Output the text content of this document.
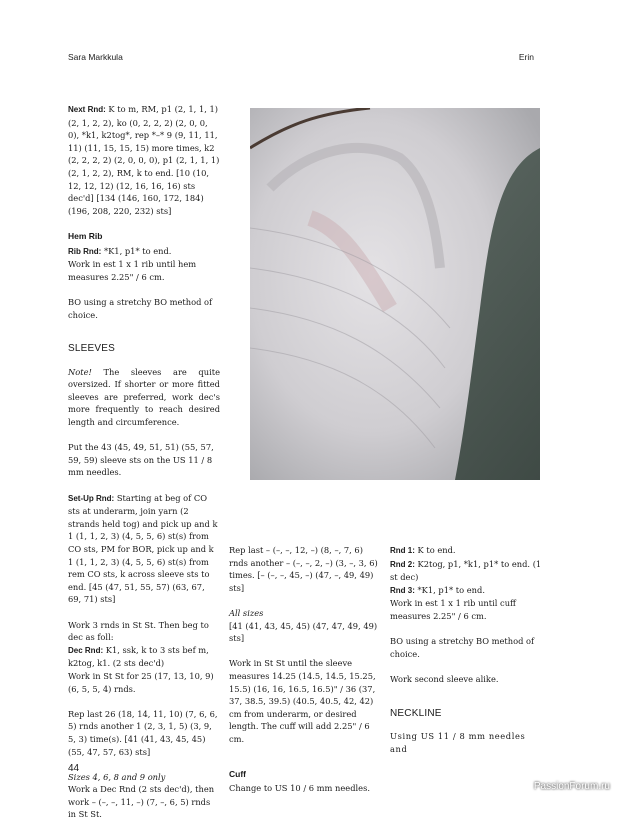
Sara Markkula	Erin

Next Rnd: K to m, RM, p1 (2, 1, 1, 1) (2, 1, 2, 2), ko (0, 2, 2, 2) (2, 0, 0, 0), *k1, k2tog*, rep *–* 9 (9, 11, 11, 11) (11, 15, 15, 15) more times, k2 (2, 2, 2, 2) (2, 0, 0, 0), p1 (2, 1, 1, 1) (2, 1, 2, 2), RM, k to end. [10 (10, 12, 12, 12) (12, 16, 16, 16) sts dec'd] [134 (146, 160, 172, 184) (196, 208, 220, 232) sts]

Hem Rib
Rib Rnd: *K1, p1* to end.

Work in est 1 x 1 rib until hem measures 2.25" / 6 cm.

BO using a stretchy BO method of choice.

SLEEVES

Note! The sleeves are quite oversized. If shorter or more fitted sleeves are preferred, work dec's more frequently to reach desired length and circumference.

Put the 43 (45, 49, 51, 51) (55, 57, 59, 59) sleeve sts on the US 11 / 8 mm needles.

Set-Up Rnd: Starting at beg of CO sts at underarm, join yarn (2 strands held tog) and pick up and k 1 (1, 1, 2, 3) (4, 5, 5, 6) st(s) from CO sts, PM for BOR, pick up and k 1 (1, 1, 2, 3) (4, 5, 5, 6) st(s) from rem CO sts, k across sleeve sts to end. [45 (47, 51, 55, 57) (63, 67, 69, 71) sts]

Work 3 rnds in St St. Then beg to dec as foll:
Dec Rnd: K1, ssk, k to 3 sts bef m, k2tog, k1. (2 sts dec'd)

Work in St St for 25 (17, 13, 10, 9) (6, 5, 5, 4) rnds.

Rep last 26 (18, 14, 11, 10) (7, 6, 6, 5) rnds another 1 (2, 3, 1, 5) (3, 9, 5, 3) time(s). [41 (41, 43, 45, 45) (55, 47, 57, 63) sts]

Sizes 4, 6, 8 and 9 only
Work a Dec Rnd (2 sts dec'd), then work – (–, –, 11, –) (7, –, 6, 5) rnds in St St.

Rep last – (–, –, 12, –) (8, –, 7, 6) rnds another – (–, –, 2, –) (3, –, 3, 6) times. [– (–, –, 45, –) (47, –, 49, 49) sts]

All sizes

[41 (41, 43, 45, 45) (47, 47, 49, 49) sts]

Work in St St until the sleeve measures 14.25 (14.5, 14.5, 15.25, 15.5) (16, 16, 16.5, 16.5)" / 36 (37, 37, 38.5, 39.5) (40.5, 40.5, 42, 42) cm from underarm, or desired length. The cuff will add 2.25" / 6 cm.

Cuff
Change to US 10 / 6 mm needles.
Rnd 1: K to end.
Rnd 2: K2tog, p1, *k1, p1* to end. (1 st dec)
Rnd 3: *K1, p1* to end.

Work in est 1 x 1 rib until cuff measures 2.25" / 6 cm.

BO using a stretchy BO method of choice.

Work second sleeve alike.

NECKLINE
Using US 11 / 8 mm needles and
44
PassionForum.ru
